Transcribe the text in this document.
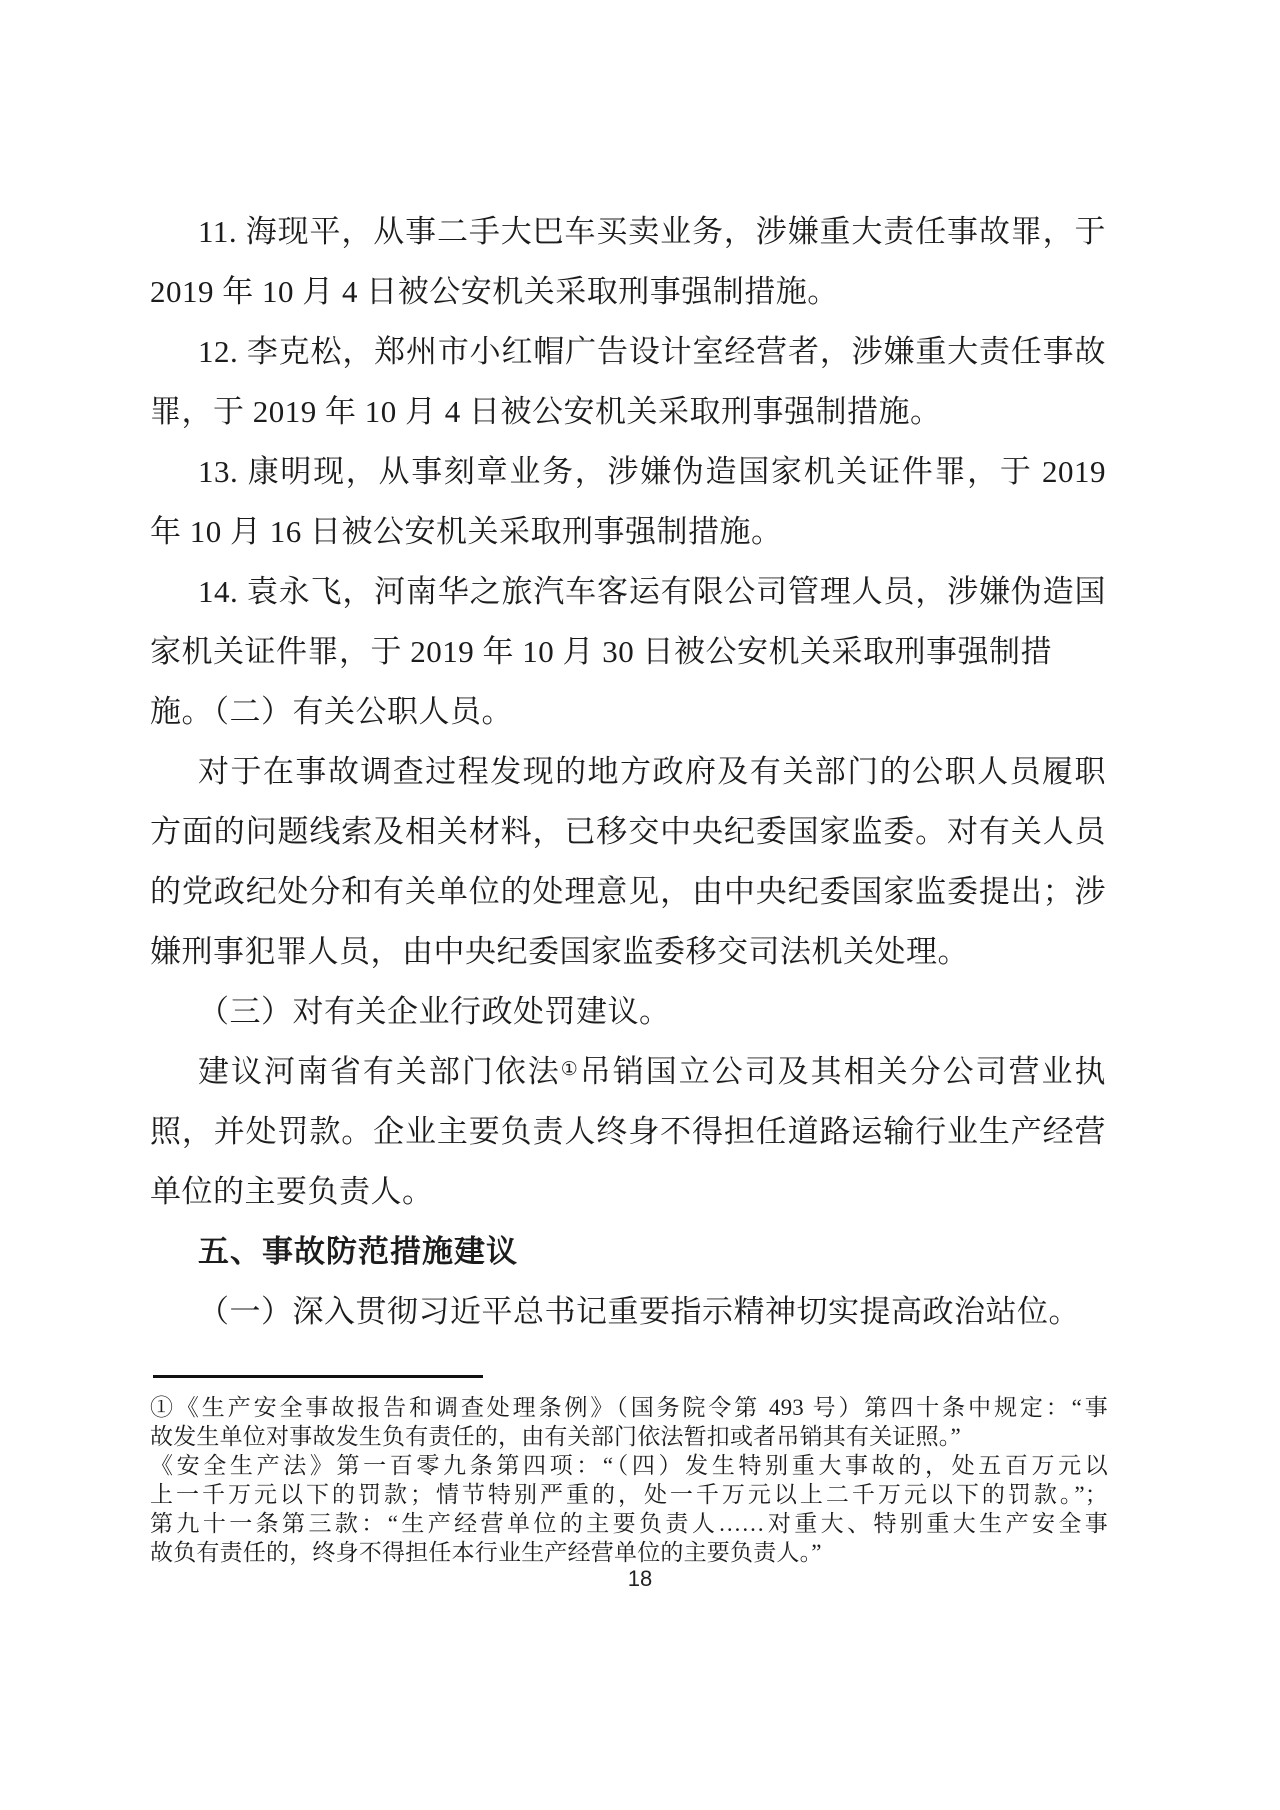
11. 海现平，从事二手大巴车买卖业务，涉嫌重大责任事故罪，于
2019 年 10 月 4 日被公安机关采取刑事强制措施。
12. 李克松，郑州市小红帽广告设计室经营者，涉嫌重大责任事故
罪，于 2019 年 10 月 4 日被公安机关采取刑事强制措施。
13. 康明现，从事刻章业务，涉嫌伪造国家机关证件罪，于 2019
年 10 月 16 日被公安机关采取刑事强制措施。
14. 袁永飞，河南华之旅汽车客运有限公司管理人员，涉嫌伪造国
家机关证件罪，于 2019 年 10 月 30 日被公安机关采取刑事强制措施。
（二）有关公职人员。
对于在事故调查过程发现的地方政府及有关部门的公职人员履职
方面的问题线索及相关材料，已移交中央纪委国家监委。对有关人员
的党政纪处分和有关单位的处理意见，由中央纪委国家监委提出；涉
嫌刑事犯罪人员，由中央纪委国家监委移交司法机关处理。
（三）对有关企业行政处罚建议。
建议河南省有关部门依法①吊销国立公司及其相关分公司营业执
照，并处罚款。企业主要负责人终身不得担任道路运输行业生产经营
单位的主要负责人。
五、事故防范措施建议
（一）深入贯彻习近平总书记重要指示精神切实提高政治站位。
①《生产安全事故报告和调查处理条例》（国务院令第 493 号）第四十条中规定：“事
故发生单位对事故发生负有责任的，由有关部门依法暂扣或者吊销其有关证照。”
《安全生产法》第一百零九条第四项：“（四）发生特别重大事故的，处五百万元以
上一千万元以下的罚款；情节特别严重的，处一千万元以上二千万元以下的罚款。”；
第九十一条第三款：“生产经营单位的主要负责人……对重大、特别重大生产安全事
故负有责任的，终身不得担任本行业生产经营单位的主要负责人。”
18
